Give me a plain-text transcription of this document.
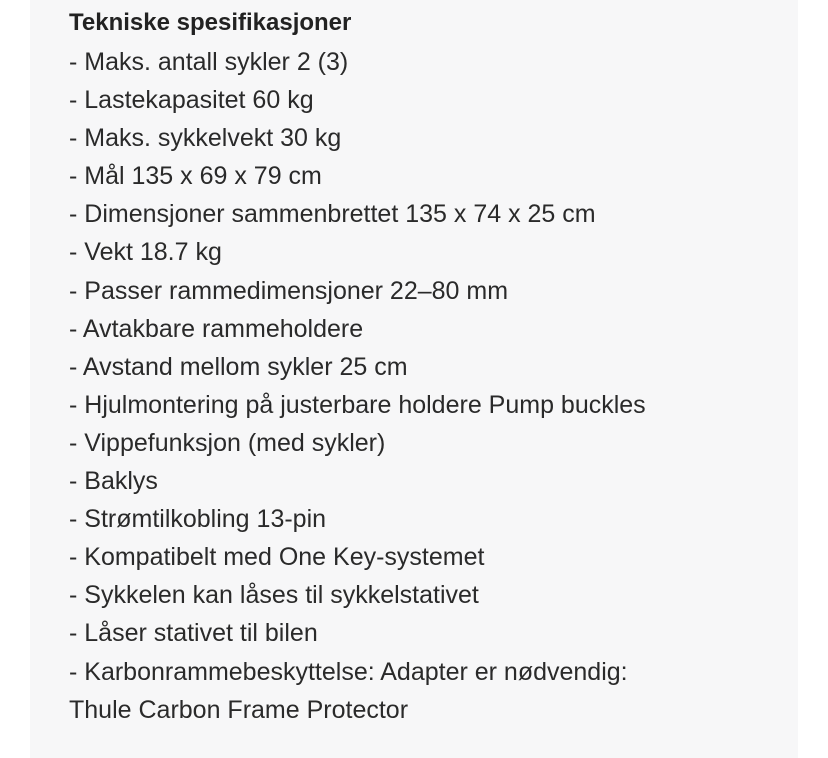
Tekniske spesifikasjoner
- Maks. antall sykler 2 (3)
- Lastekapasitet 60 kg
- Maks. sykkelvekt 30 kg
- Mål 135 x 69 x 79 cm
- Dimensjoner sammenbrettet 135 x 74 x 25 cm
- Vekt 18.7 kg
- Passer rammedimensjoner 22–80 mm
- Avtakbare rammeholdere
- Avstand mellom sykler 25 cm
- Hjulmontering på justerbare holdere Pump buckles
- Vippefunksjon (med sykler)
- Baklys
- Strømtilkobling 13-pin
- Kompatibelt med One Key-systemet
- Sykkelen kan låses til sykkelstativet
- Låser stativet til bilen
- Karbonrammebeskyttelse: Adapter er nødvendig:
Thule Carbon Frame Protector
